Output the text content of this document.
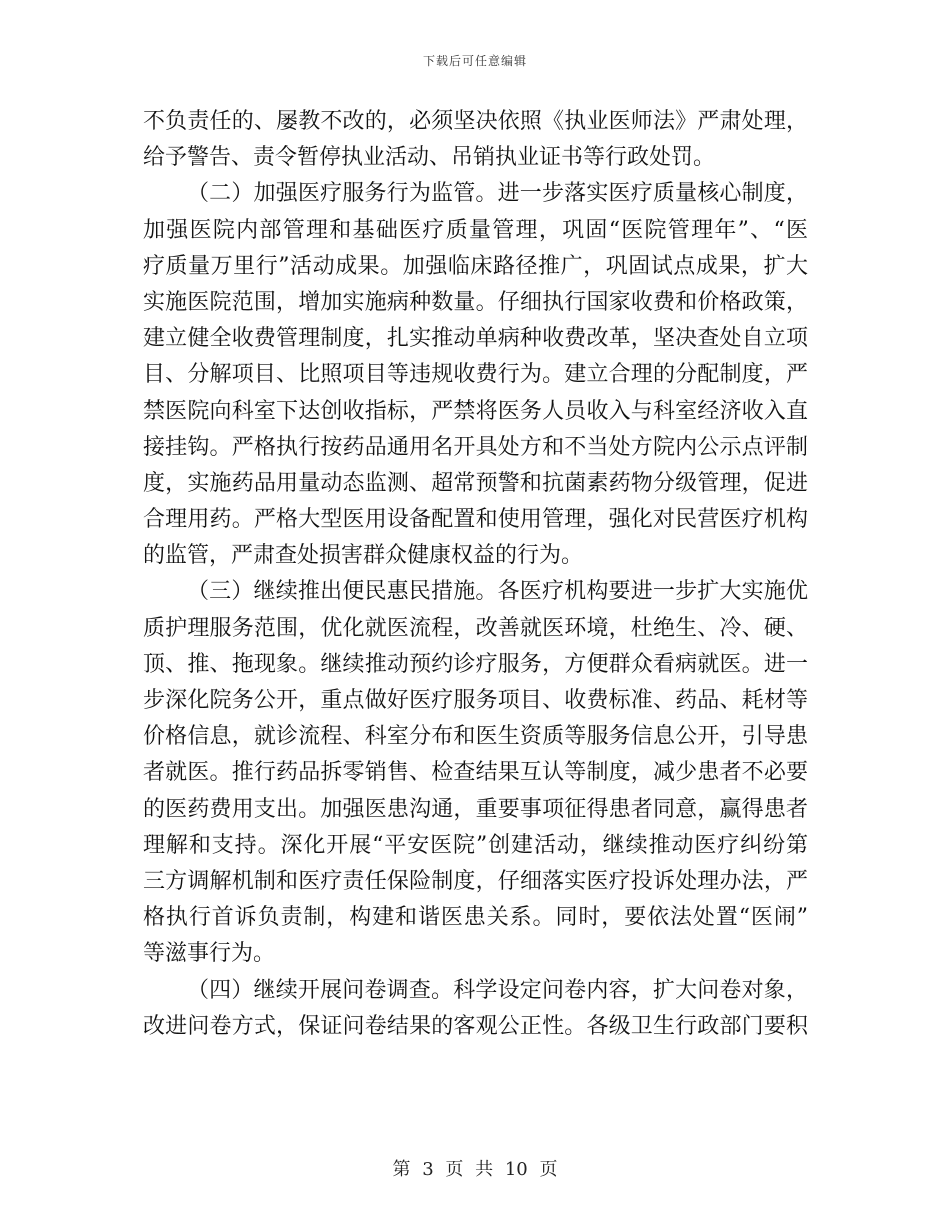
下载后可任意编辑
不负责任的、屡教不改的，必须坚决依照《执业医师法》严肃处理，
给予警告、责令暂停执业活动、吊销执业证书等行政处罚。
（二）加强医疗服务行为监管。进一步落实医疗质量核心制度，
加强医院内部管理和基础医疗质量管理，巩固“医院管理年”、“医
疗质量万里行”活动成果。加强临床路径推广，巩固试点成果，扩大
实施医院范围，增加实施病种数量。仔细执行国家收费和价格政策，
建立健全收费管理制度，扎实推动单病种收费改革，坚决查处自立项
目、分解项目、比照项目等违规收费行为。建立合理的分配制度，严
禁医院向科室下达创收指标，严禁将医务人员收入与科室经济收入直
接挂钩。严格执行按药品通用名开具处方和不当处方院内公示点评制
度，实施药品用量动态监测、超常预警和抗菌素药物分级管理，促进
合理用药。严格大型医用设备配置和使用管理，强化对民营医疗机构
的监管，严肃查处损害群众健康权益的行为。
（三）继续推出便民惠民措施。各医疗机构要进一步扩大实施优
质护理服务范围，优化就医流程，改善就医环境，杜绝生、冷、硬、
顶、推、拖现象。继续推动预约诊疗服务，方便群众看病就医。进一
步深化院务公开，重点做好医疗服务项目、收费标准、药品、耗材等
价格信息，就诊流程、科室分布和医生资质等服务信息公开，引导患
者就医。推行药品拆零销售、检查结果互认等制度，减少患者不必要
的医药费用支出。加强医患沟通，重要事项征得患者同意，赢得患者
理解和支持。深化开展“平安医院”创建活动，继续推动医疗纠纷第
三方调解机制和医疗责任保险制度，仔细落实医疗投诉处理办法，严
格执行首诉负责制，构建和谐医患关系。同时，要依法处置“医闹”
等滋事行为。
（四）继续开展问卷调查。科学设定问卷内容，扩大问卷对象，
改进问卷方式，保证问卷结果的客观公正性。各级卫生行政部门要积
第 3 页 共 10 页
